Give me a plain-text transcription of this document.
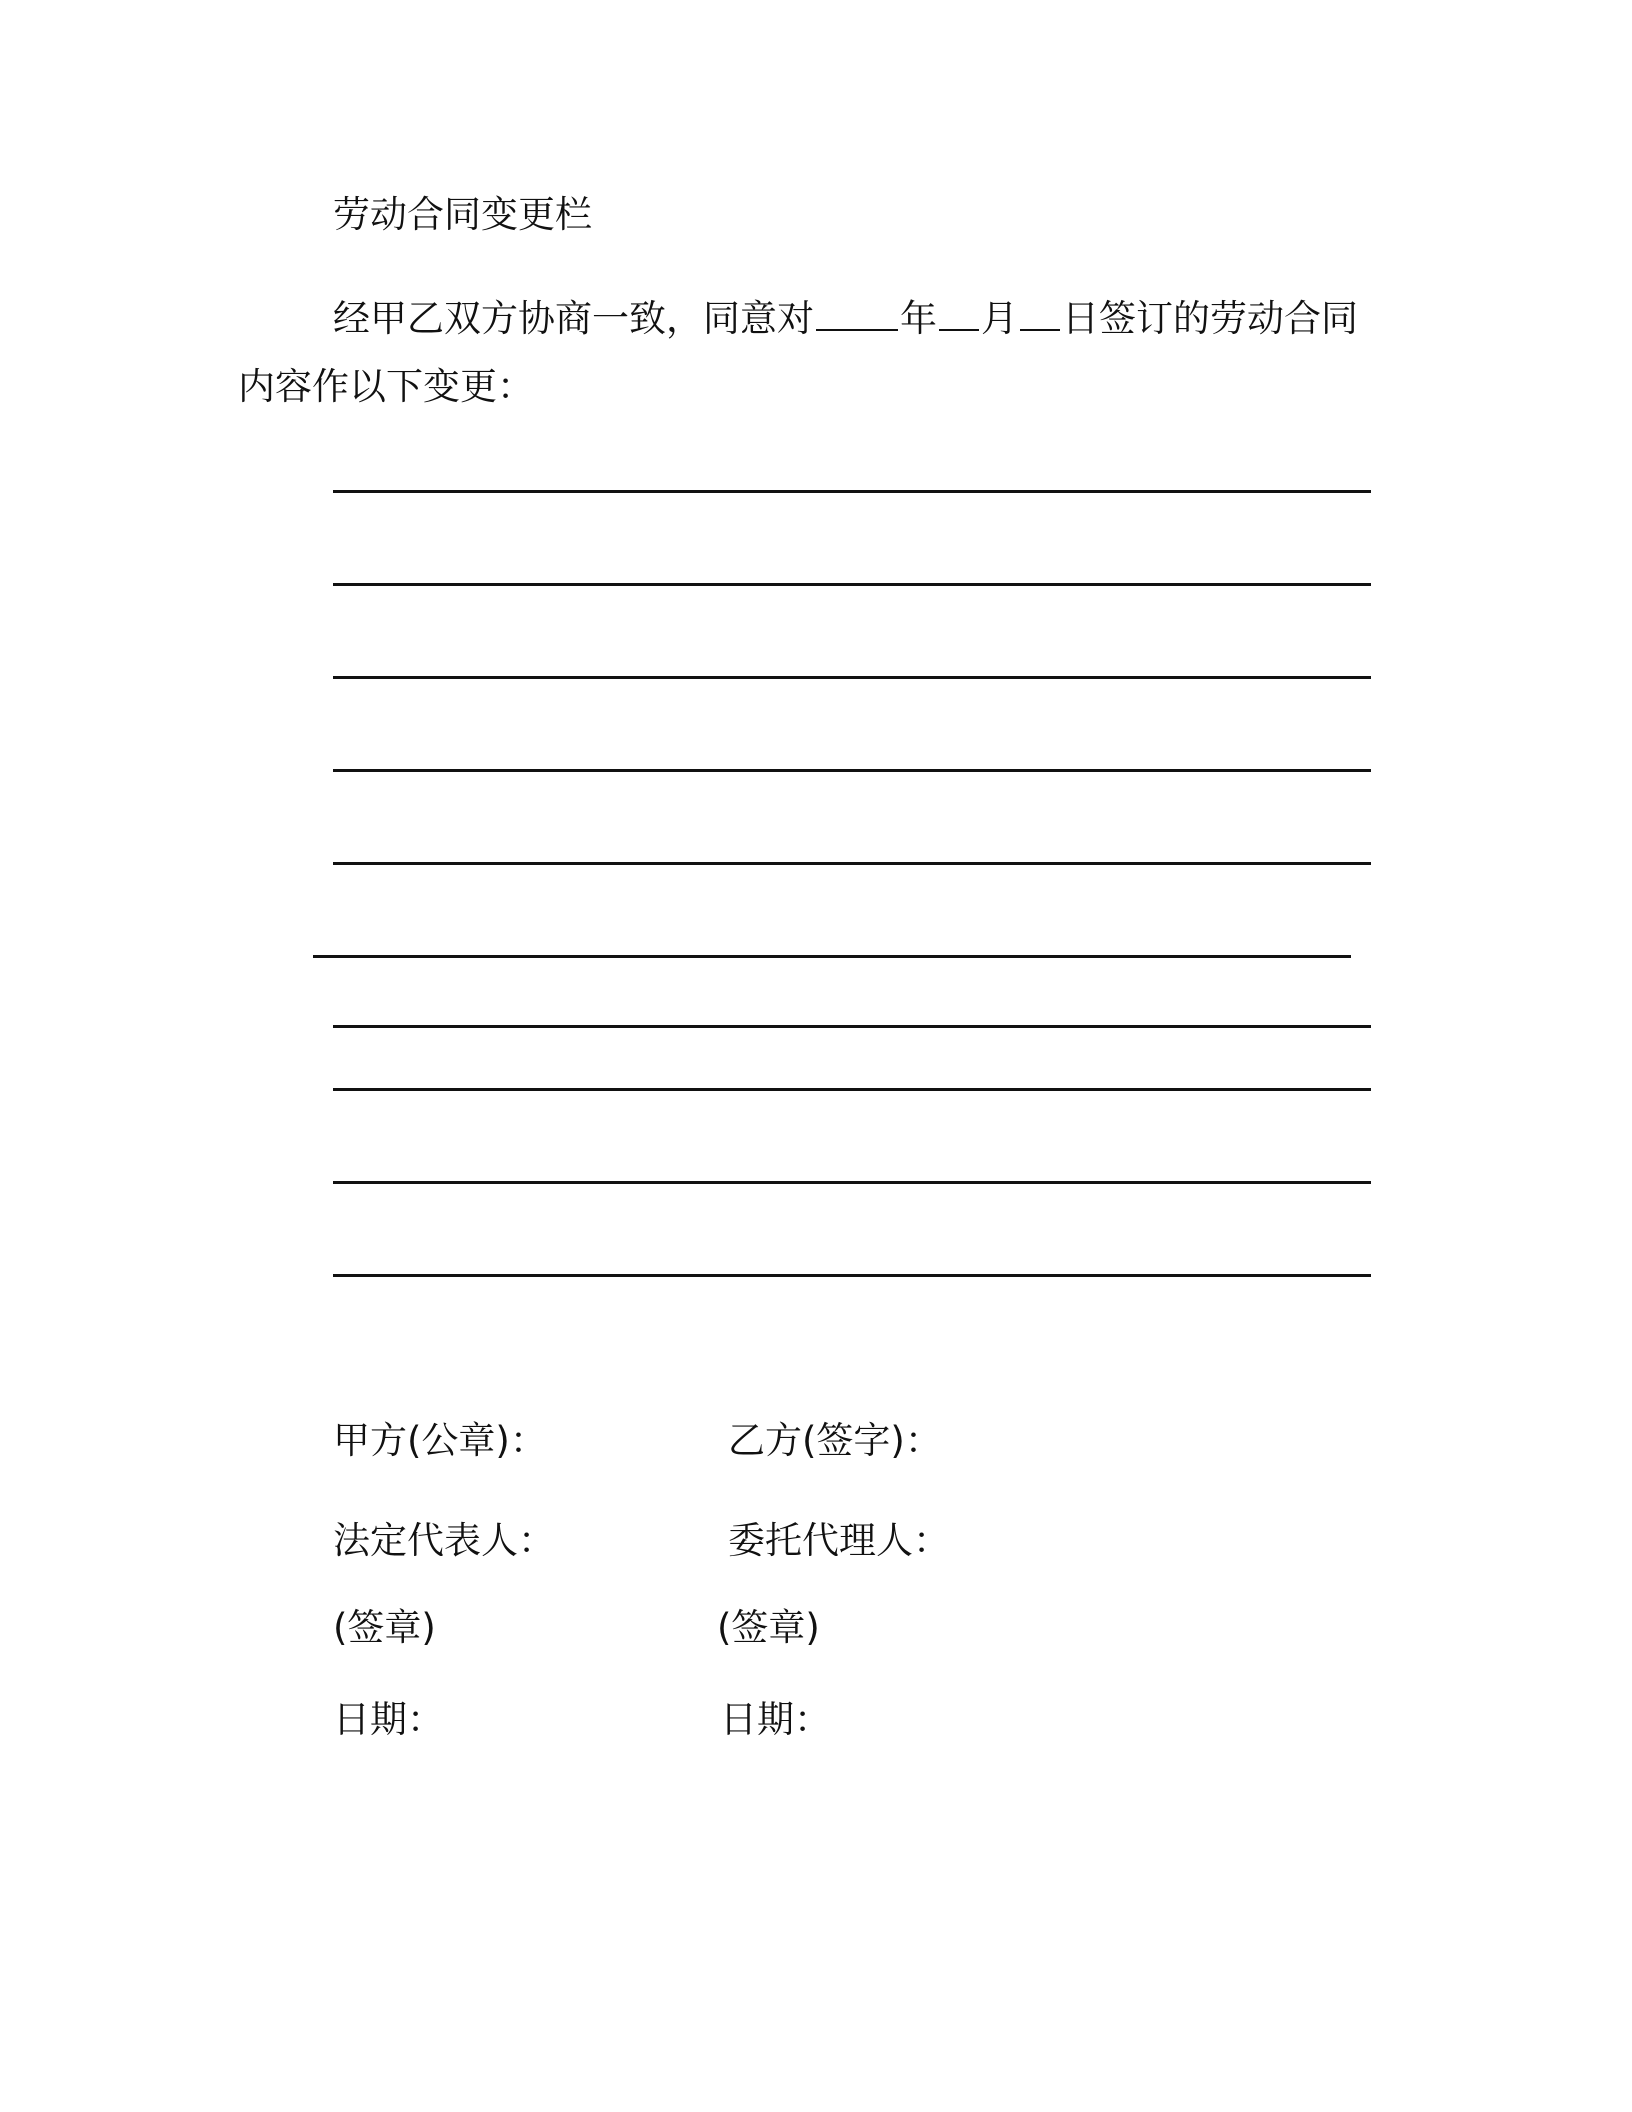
劳动合同变更栏
经甲乙双方协商一致，同意对 年 月 日签订的劳动合同
内容作以下变更：
甲方(公章)：	乙方(签字)：
法定代表人：	委托代理人：
(签章)	(签章)
日期：	日期：
